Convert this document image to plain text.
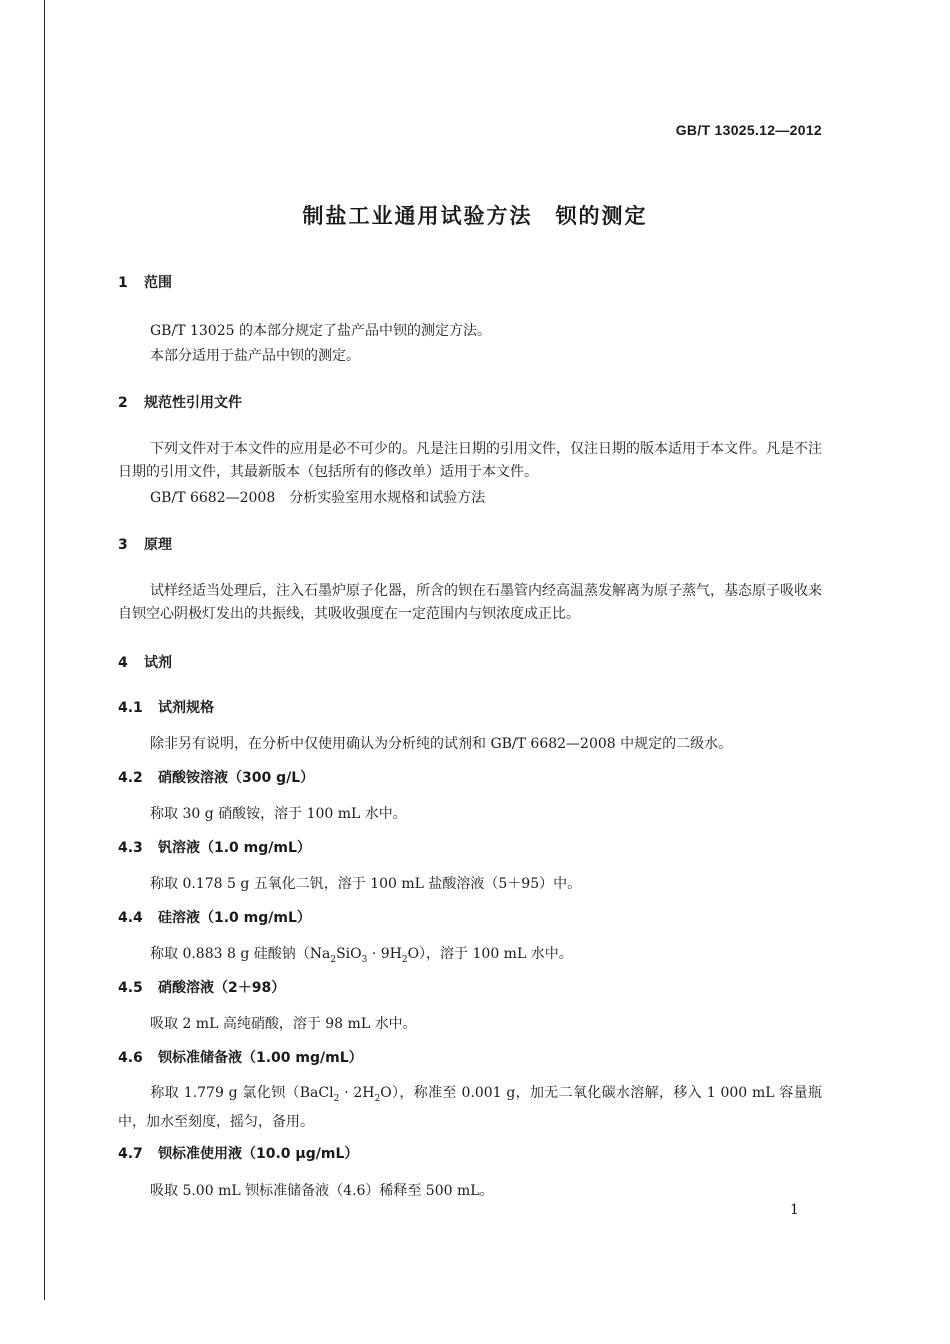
GB/T 13025.12—2012
制盐工业通用试验方法　钡的测定
1 范围
GB/T 13025 的本部分规定了盐产品中钡的测定方法。
本部分适用于盐产品中钡的测定。
2 规范性引用文件
下列文件对于本文件的应用是必不可少的。凡是注日期的引用文件，仅注日期的版本适用于本文件。凡是不注日期的引用文件，其最新版本（包括所有的修改单）适用于本文件。
GB/T 6682—2008　分析实验室用水规格和试验方法
3 原理
试样经适当处理后，注入石墨炉原子化器，所含的钡在石墨管内经高温蒸发解离为原子蒸气，基态原子吸收来自钡空心阴极灯发出的共振线，其吸收强度在一定范围内与钡浓度成正比。
4 试剂
4.1 试剂规格
除非另有说明，在分析中仅使用确认为分析纯的试剂和 GB/T 6682—2008 中规定的二级水。
4.2 硝酸铵溶液（300 g/L）
称取 30 g 硝酸铵，溶于 100 mL 水中。
4.3 钒溶液（1.0 mg/mL）
称取 0.178 5 g 五氧化二钒，溶于 100 mL 盐酸溶液（5＋95）中。
4.4 硅溶液（1.0 mg/mL）
称取 0.883 8 g 硅酸钠$(Na_2SiO_3 \cdot 9H_2O)$，溶于 100 mL 水中。
4.5 硝酸溶液（2＋98）
吸取 2 mL 高纯硝酸，溶于 98 mL 水中。
4.6 钡标准储备液（1.00 mg/mL）
称取 1.779 g 氯化钡（BaCl$_2$ · $2H_2O$），称准至 0.001 g，加无二氧化碳水溶解，移入 1 000 mL 容量瓶中，加水至刻度，摇匀，备用。
4.7 钡标准使用液（10.0 μg/mL）
吸取 5.00 mL 钡标准储备液（4.6）稀释至 500 mL。
1
